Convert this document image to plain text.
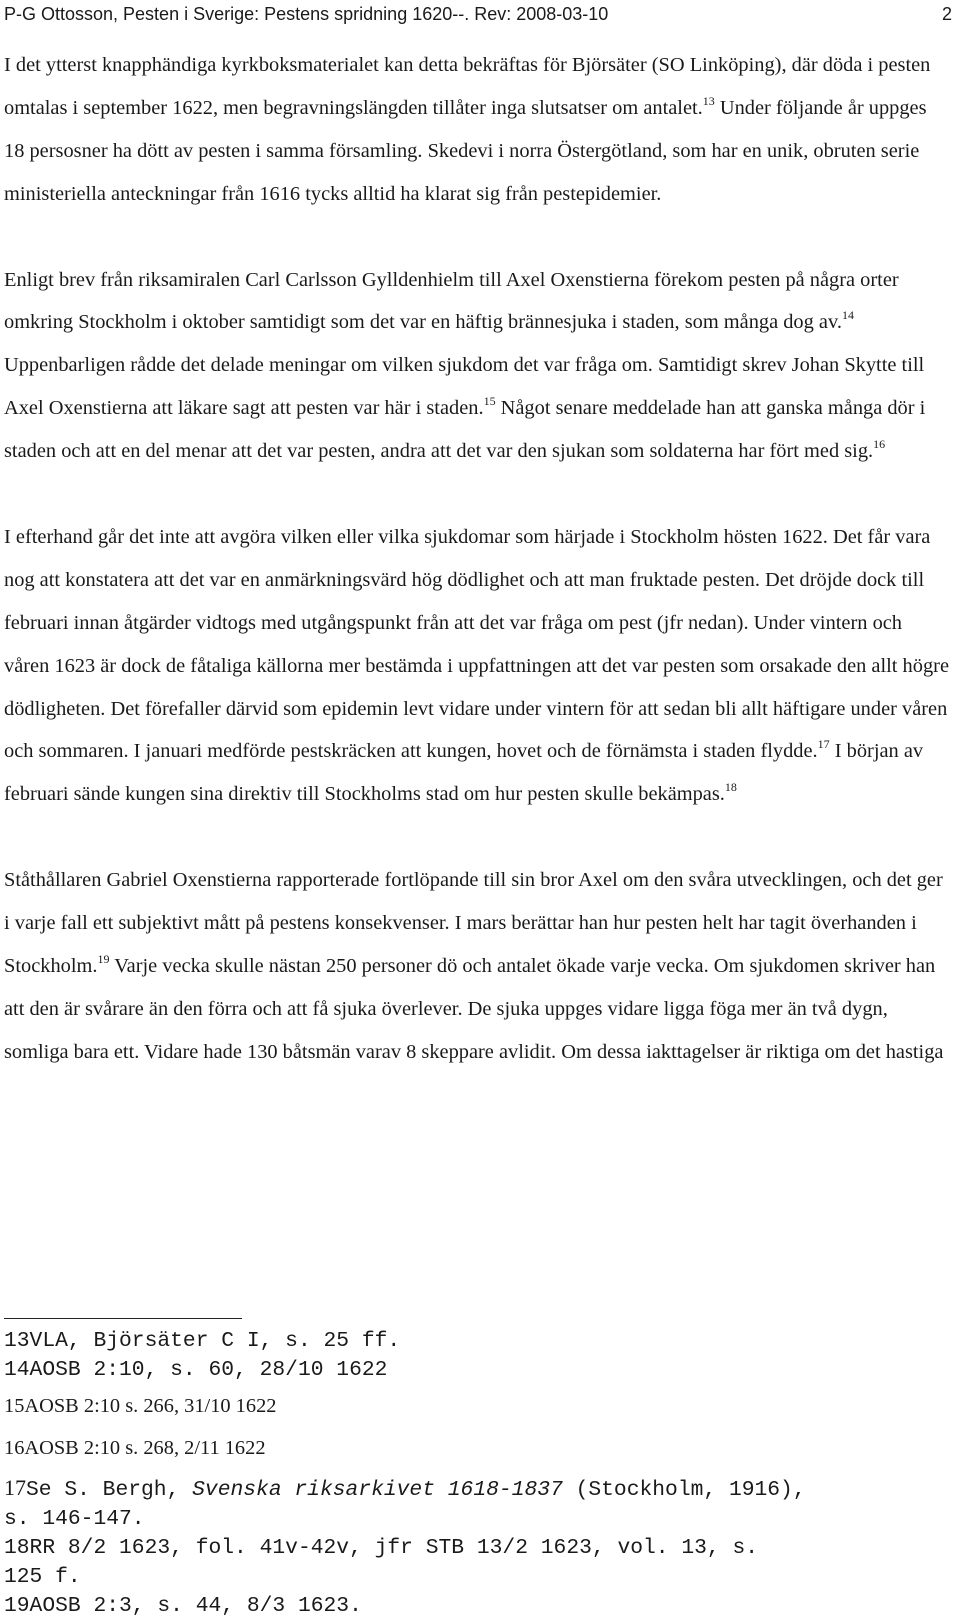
P-G Ottosson, Pesten i Sverige: Pestens spridning 1620--. Rev: 2008-03-10	2

I det ytterst knapphändiga kyrkboksmaterialet kan detta bekräftas för Björsäter (SO Linköping), där döda i pesten omtalas i september 1622, men begravningslängden tillåter inga slutsatser om antalet.$^{13}$ Under följande år uppges 18 persosner ha dött av pesten i samma församling. Skedevi i norra Östergötland, som har en unik, obruten serie ministeriella anteckningar från 1616 tycks alltid ha klarat sig från pestepidemier.

Enligt brev från riksamiralen Carl Carlsson Gylldenhielm till Axel Oxenstierna förekom pesten på några orter omkring Stockholm i oktober samtidigt som det var en häftig brännesjuka i staden, som många dog av.$^{14}$ Uppenbarligen rådde det delade meningar om vilken sjukdom det var fråga om. Samtidigt skrev Johan Skytte till Axel Oxenstierna att läkare sagt att pesten var här i staden.$^{15}$ Något senare meddelade han att ganska många dör i staden och att en del menar att det var pesten, andra att det var den sjukan som soldaterna har fört med sig.$^{16}$

I efterhand går det inte att avgöra vilken eller vilka sjukdomar som härjade i Stockholm hösten 1622. Det får vara nog att konstatera att det var en anmärkningsvärd hög dödlighet och att man fruktade pesten. Det dröjde dock till februari innan åtgärder vidtogs med utgångspunkt från att det var fråga om pest (jfr nedan). Under vintern och våren 1623 är dock de fåtaliga källorna mer bestämda i uppfattningen att det var pesten som orsakade den allt högre dödligheten. Det förefaller därvid som epidemin levt vidare under vintern för att sedan bli allt häftigare under våren och sommaren. I januari medförde pestskräcken att kungen, hovet och de förnämsta i staden flydde.$^{17}$ I början av februari sände kungen sina direktiv till Stockholms stad om hur pesten skulle bekämpas.$^{18}$

Ståthållaren Gabriel Oxenstierna rapporterade fortlöpande till sin bror Axel om den svåra utvecklingen, och det ger i varje fall ett subjektivt mått på pestens konsekvenser. I mars berättar han hur pesten helt har tagit överhanden i Stockholm.$^{19}$ Varje vecka skulle nästan 250 personer dö och antalet ökade varje vecka. Om sjukdomen skriver han att den är svårare än den förra och att få sjuka överlever. De sjuka uppges vidare ligga föga mer än två dygn, somliga bara ett. Vidare hade 130 båtsmän varav 8 skeppare avlidit. Om dessa iakttagelser är riktiga om det hastiga

13VLA, Björsäter C I, s. 25 ff.
14AOSB 2:10, s. 60, 28/10 1622
15AOSB 2:10 s. 266, 31/10 1622
16AOSB 2:10 s. 268, 2/11 1622
17Se S. Bergh, Svenska riksarkivet 1618-1837 (Stockholm, 1916),
s. 146-147.
18RR 8/2 1623, fol. 41v-42v, jfr STB 13/2 1623, vol. 13, s.
125 f.
19AOSB 2:3, s. 44, 8/3 1623.
